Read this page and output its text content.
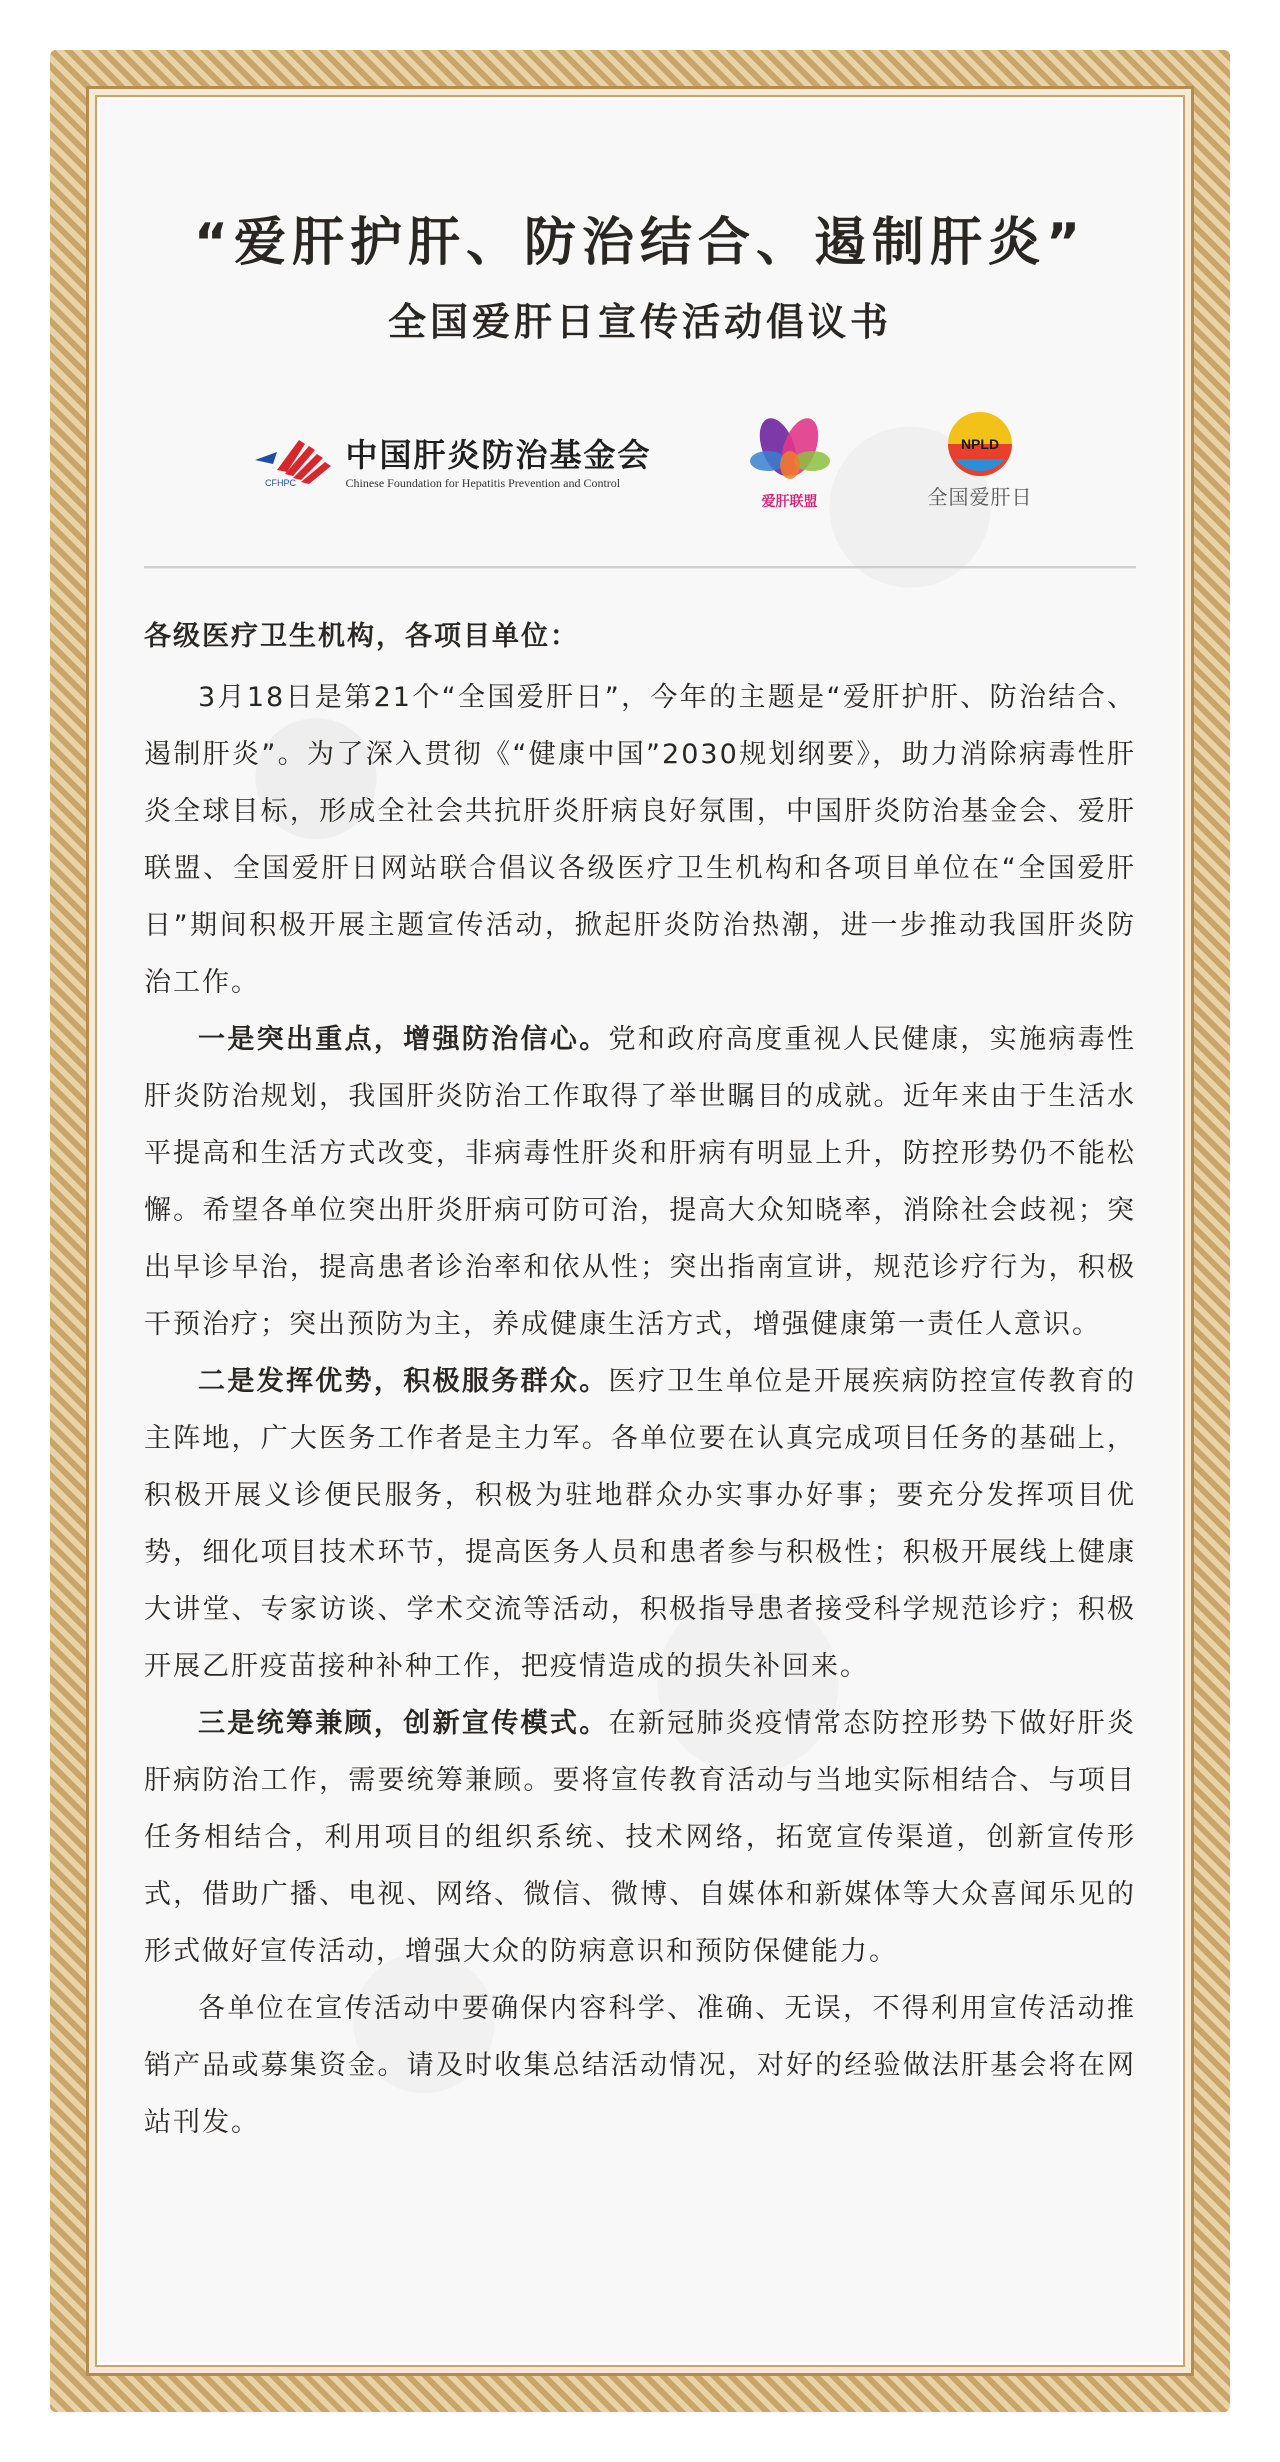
“爱肝护肝、防治结合、遏制肝炎”
全国爱肝日宣传活动倡议书
CFHPC
中国肝炎防治基金会
Chinese Foundation for Hepatitis Prevention and Control
爱肝联盟
NPLD
全国爱肝日

各级医疗卫生机构，各项目单位：

3月18日是第21个“全国爱肝日”，今年的主题是“爱肝护肝、防治结合、遏制肝炎”。为了深入贯彻《“健康中国”2030规划纲要》，助力消除病毒性肝炎全球目标，形成全社会共抗肝炎肝病良好氛围，中国肝炎防治基金会、爱肝联盟、全国爱肝日网站联合倡议各级医疗卫生机构和各项目单位在“全国爱肝日”期间积极开展主题宣传活动，掀起肝炎防治热潮，进一步推动我国肝炎防治工作。

一是突出重点，增强防治信心。党和政府高度重视人民健康，实施病毒性肝炎防治规划，我国肝炎防治工作取得了举世瞩目的成就。近年来由于生活水平提高和生活方式改变，非病毒性肝炎和肝病有明显上升，防控形势仍不能松懈。希望各单位突出肝炎肝病可防可治，提高大众知晓率，消除社会歧视；突出早诊早治，提高患者诊治率和依从性；突出指南宣讲，规范诊疗行为，积极干预治疗；突出预防为主，养成健康生活方式，增强健康第一责任人意识。

二是发挥优势，积极服务群众。医疗卫生单位是开展疾病防控宣传教育的主阵地，广大医务工作者是主力军。各单位要在认真完成项目任务的基础上，积极开展义诊便民服务，积极为驻地群众办实事办好事；要充分发挥项目优势，细化项目技术环节，提高医务人员和患者参与积极性；积极开展线上健康大讲堂、专家访谈、学术交流等活动，积极指导患者接受科学规范诊疗；积极开展乙肝疫苗接种补种工作，把疫情造成的损失补回来。

三是统筹兼顾，创新宣传模式。在新冠肺炎疫情常态防控形势下做好肝炎肝病防治工作，需要统筹兼顾。要将宣传教育活动与当地实际相结合、与项目任务相结合，利用项目的组织系统、技术网络，拓宽宣传渠道，创新宣传形式，借助广播、电视、网络、微信、微博、自媒体和新媒体等大众喜闻乐见的形式做好宣传活动，增强大众的防病意识和预防保健能力。

各单位在宣传活动中要确保内容科学、准确、无误，不得利用宣传活动推销产品或募集资金。请及时收集总结活动情况，对好的经验做法肝基会将在网站刊发。
